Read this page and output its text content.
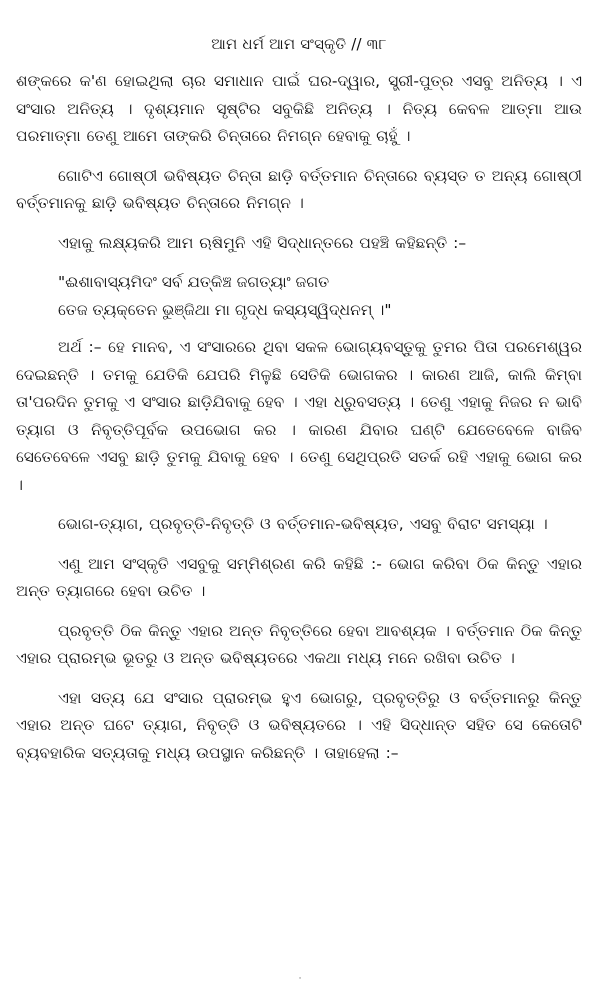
ଆମ ଧର୍ମ ଆମ ସଂସ୍କୃତି // ୩୮

ଶଙ୍କରେ କ'ଣ ହୋଇଥିଲା ଚାର ସମାଧାନ ପାଇଁ ଘର-ଦ୍ୱାର, ସ୍ତ୍ରୀ-ପୁତ୍ର ଏସବୁ ଅନିତ୍ୟ । ଏ ସଂସାର ଅନିତ୍ୟ । ଦୃଶ୍ୟମାନ ସୃଷ୍ଟିର ସବୁକିଛି ଅନିତ୍ୟ । ନିତ୍ୟ କେବଳ ଆତ୍ମା ଆଉ ପରମାତ୍ମା ତେଣୁ ଆମେ ତାଙ୍କରି ଚିନ୍ତାରେ ନିମଗ୍ନ ହେବାକୁ ଚାହୁଁ ।

ଗୋଟିଏ ଗୋଷ୍ଠୀ ଭବିଷ୍ୟତ ଚିନ୍ତା ଛାଡ଼ି ବର୍ତ୍ତମାନ ଚିନ୍ତାରେ ବ୍ୟସ୍ତ ତ ଅନ୍ୟ ଗୋଷ୍ଠୀ ବର୍ତ୍ତମାନକୁ ଛାଡ଼ି ଭବିଷ୍ୟତ ଚିନ୍ତାରେ ନିମଗ୍ନ ।

ଏହାକୁ ଲକ୍ଷ୍ୟକରି ଆମ ଋଷିମୁନି ଏହି ସିଦ୍ଧାନ୍ତରେ ପହଞ୍ଚି କହିଛନ୍ତି :–

"ଈଶାବାସ୍ୟମିଦଂ ସର୍ବ ଯତ୍କିଞ୍ଚ ଜଗତ୍ୟାଂ ଜଗତ
ତେଜ ତ୍ୟକ୍ତେନ ଭୁଞ୍ଜିଥା ମା ଗୃଦ୍ଧ କସ୍ୟସ୍ୱିଦ୍ଧନମ୍ ।"

ଅର୍ଥ :– ହେ ମାନବ, ଏ ସଂସାରରେ ଥିବା ସକଳ ଭୋଗ୍ୟବସ୍ତୁକୁ ତୁମର ପିତା ପରମେଶ୍ୱର ଦେଇଛନ୍ତି । ତମକୁ ଯେତିକି ଯେପରି ମିଳୁଛି ସେତିକି ଭୋଗକର । କାରଣ ଆଜି, କାଲି କିମ୍ବା ତା'ପରଦିନ ତୁମକୁ ଏ ସଂସାର ଛାଡ଼ିଯିବାକୁ ହେବ । ଏହା ଧ୍ରୁବସତ୍ୟ । ତେଣୁ ଏହାକୁ ନିଜର ନ ଭାବି ତ୍ୟାଗ ଓ ନିବୃତ୍ତିପୂର୍ବକ ଉପଭୋଗ କର । କାରଣ ଯିବାର ଘଣ୍ଟି ଯେତେବେଳେ ବାଜିବ ସେତେବେଳେ ଏସବୁ ଛାଡ଼ି ତୁମକୁ ଯିବାକୁ ହେବ । ତେଣୁ ସେଥିପ୍ରତି ସତର୍କ ରହି ଏହାକୁ ଭୋଗ କର ।

ଭୋଗ-ତ୍ୟାଗ, ପ୍ରବୃତ୍ତି-ନିବୃତ୍ତି ଓ ବର୍ତ୍ତମାନ-ଭବିଷ୍ୟତ, ଏସବୁ ବିରାଟ ସମସ୍ୟା ।

ଏଣୁ ଆମ ସଂସ୍କୃତି ଏସବୁକୁ ସମ୍ମିଶ୍ରଣ କରି କହିଛି :- ଭୋଗ କରିବା ଠିକ କିନ୍ତୁ ଏହାର ଅନ୍ତ ତ୍ୟାଗରେ ହେବା ଉଚିତ ।

ପ୍ରବୃତ୍ତି ଠିକ କିନ୍ତୁ ଏହାର ଅନ୍ତ ନିବୃତ୍ତିରେ ହେବା ଆବଶ୍ୟକ । ବର୍ତ୍ତମାନ ଠିକ କିନ୍ତୁ ଏହାର ପ୍ରାରମ୍ଭ ଭୂତରୁ ଓ ଅନ୍ତ ଭବିଷ୍ୟତରେ ଏକଥା ମଧ୍ୟ ମନେ ରଖିବା ଉଚିତ ।

ଏହା ସତ୍ୟ ଯେ ସଂସାର ପ୍ରାରମ୍ଭ ହୁଏ ଭୋଗରୁ, ପ୍ରବୃତ୍ତିରୁ ଓ ବର୍ତ୍ତମାନରୁ କିନ୍ତୁ ଏହାର ଅନ୍ତ ଘଟେ ତ୍ୟାଗ, ନିବୃତ୍ତି ଓ ଭବିଷ୍ୟତରେ । ଏହି ସିଦ୍ଧାନ୍ତ ସହିତ ସେ କେତୋଟି ବ୍ୟବହାରିକ ସତ୍ୟତାକୁ ମଧ୍ୟ ଉପସ୍ଥାନ କରିଛନ୍ତି । ତାହାହେଲା :–

·
